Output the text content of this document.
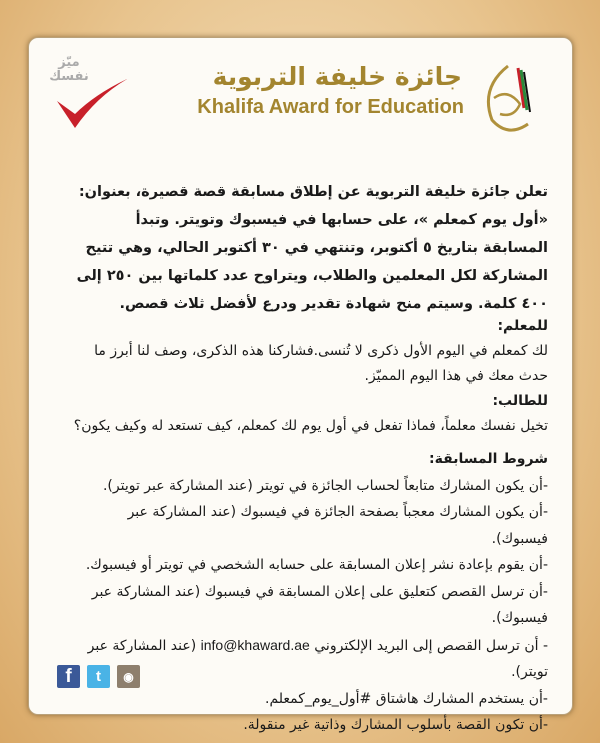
ميّز
نفسك	جائزة خليفة التربوية
Khalifa Award for Education
تعلن جائزة خليفة التربوية عن إطلاق مسابقة قصة قصيرة، بعنوان: «أول يوم كمعلم »، على حسابها في فيسبوك وتويتر. وتبدأ المسابقة بتاريخ ٥ أكتوبر، وتنتهي في ٣٠ أكتوبر الحالي، وهي تتيح المشاركة لكل المعلمين والطلاب، ويتراوح عدد كلماتها بين ٢٥٠ إلى ٤٠٠ كلمة. وسيتم منح شهادة تقدير ودرع لأفضل ثلاث قصص.
للمعلم:
لك كمعلم في اليوم الأول ذكرى لا تُنسى.فشاركنا هذه الذكرى، وصف لنا أبرز ما حدث معك في هذا اليوم المميّز.
للطالب:
تخيل نفسك معلماً، فماذا تفعل في أول يوم لك كمعلم، كيف تستعد له وكيف يكون؟
شروط المسابقة:
-أن يكون المشارك متابعاً لحساب الجائزة في تويتر (عند المشاركة عبر تويتر).
-أن يكون المشارك معجباً بصفحة الجائزة في فيسبوك (عند المشاركة عبر فيسبوك).
-أن يقوم بإعادة نشر إعلان المسابقة على حسابه الشخصي في تويتر أو فيسبوك.
-أن ترسل القصص كتعليق على إعلان المسابقة في فيسبوك (عند المشاركة عبر فيسبوك).
- أن ترسل القصص إلى البريد الإلكتروني info@khaward.ae (عند المشاركة عبر تويتر).
-أن يستخدم المشارك هاشتاق #أول_يوم_كمعلم.
-أن تكون القصة بأسلوب المشارك وذاتية غير منقولة.
f	t	◉
